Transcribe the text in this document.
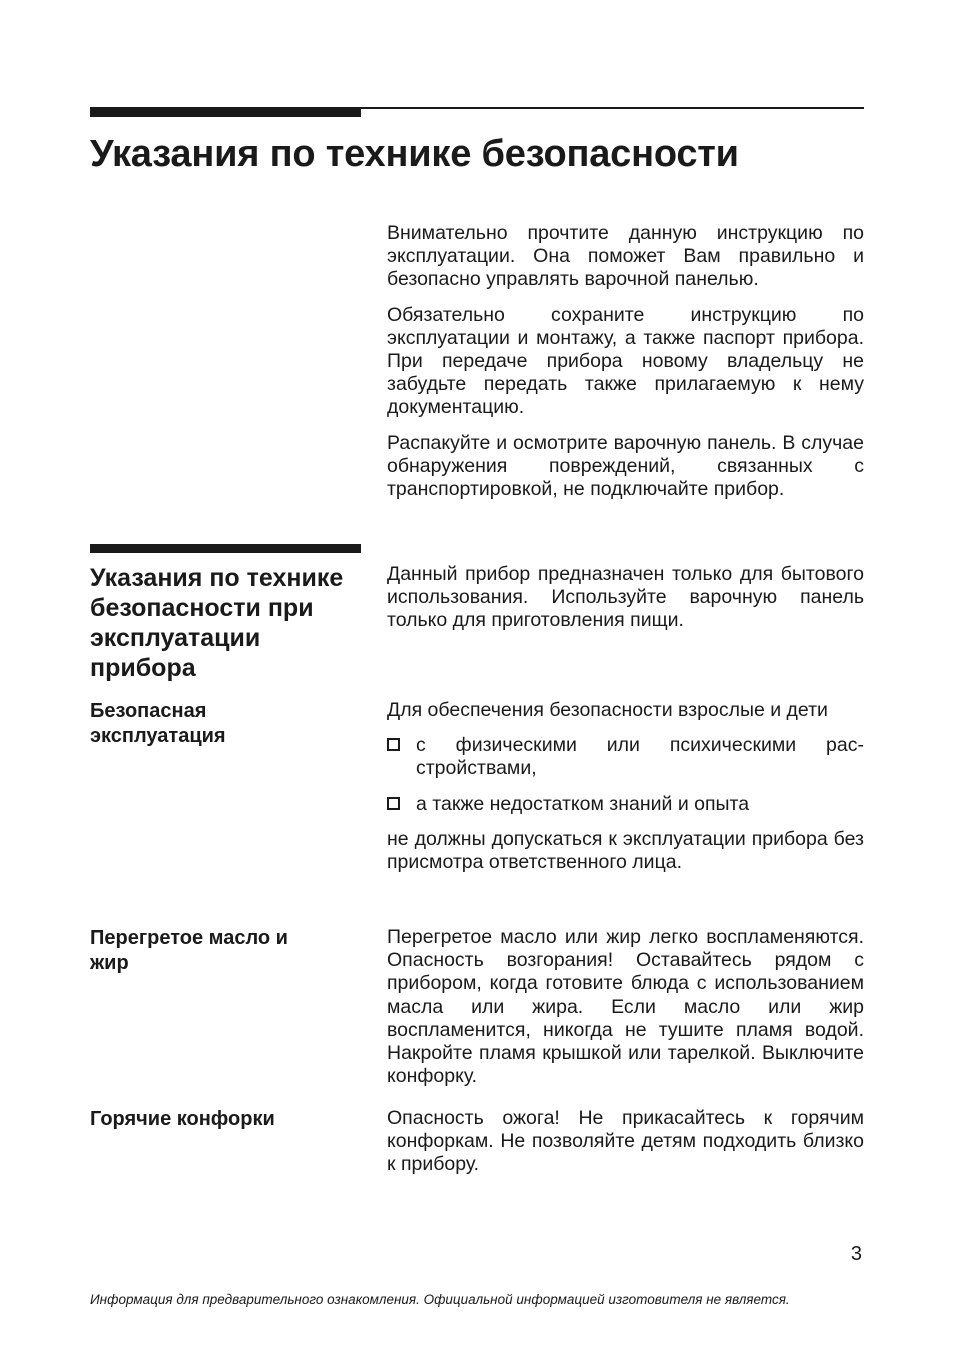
Указания по технике безопасности

Внимательно прочтите данную инструкцию по эксплуатации. Она поможет Вам правильно и безопасно управлять варочной панелью.

Обязательно сохраните инструкцию по эксплуатации и монтажу, а также паспорт прибора. При передаче прибора новому владельцу не забудьте передать также прилагаемую к нему документацию.

Распакуйте и осмотрите варочную панель. В случае обнаружения повреждений, связанных с транспортировкой, не подключайте прибор.

Указания по технике безопасности при эксплуатации прибора

Данный прибор предназначен только для бытового использования. Используйте варочную панель только для приготовления пищи.

Безопасная эксплуатация

Для обеспечения безопасности взрослые и дети

с физическими или психическими расстройствами,

а также недостатком знаний и опыта

не должны допускаться к эксплуатации прибора без присмотра ответственного лица.

Перегретое масло и жир

Перегретое масло или жир легко воспламеняются. Опасность возгорания! Оставайтесь рядом с прибором, когда готовите блюда с использованием масла или жира. Если масло или жир воспламенится, никогда не тушите пламя водой. Накройте пламя крышкой или тарелкой. Выключите конфорку.

Горячие конфорки	Опасность ожога! Не прикасайтесь к горячим конфоркам. Не позволяйте детям подходить близко к прибору.

3
Информация для предварительного ознакомления. Официальной информацией изготовителя не является.
